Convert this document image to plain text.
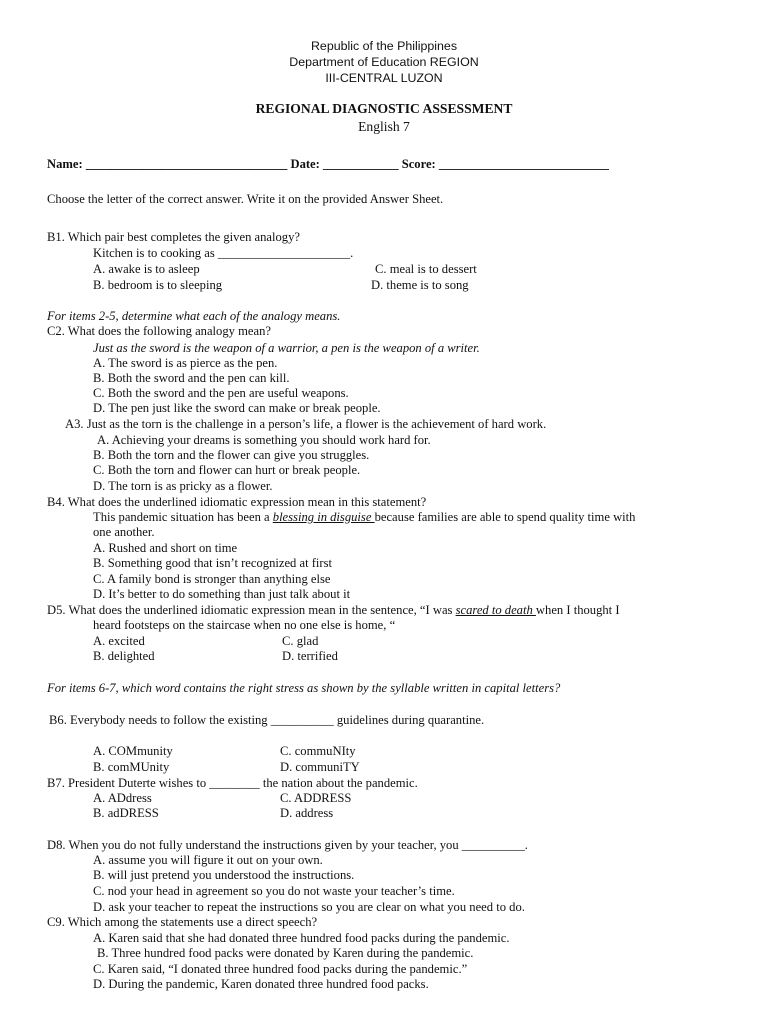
Republic of the Philippines
Department of Education REGION
III-CENTRAL LUZON
REGIONAL DIAGNOSTIC ASSESSMENT
English 7
Name: ________________________________ Date: ____________ Score: ___________________________
Choose the letter of the correct answer. Write it on the provided Answer Sheet.
B1. Which pair best completes the given analogy?
Kitchen is to cooking as _____________________.
A. awake is to asleep	C. meal is to dessert
B. bedroom is to sleeping	D. theme is to song
For items 2-5, determine what each of the analogy means.
C2. What does the following analogy mean?
Just as the sword is the weapon of a warrior, a pen is the weapon of a writer.
A. The sword is as pierce as the pen.
B. Both the sword and the pen can kill.
C. Both the sword and the pen are useful weapons.
D. The pen just like the sword can make or break people.
A3. Just as the torn is the challenge in a person’s life, a flower is the achievement of hard work.
A. Achieving your dreams is something you should work hard for.
B. Both the torn and the flower can give you struggles.
C. Both the torn and flower can hurt or break people.
D. The torn is as pricky as a flower.
B4. What does the underlined idiomatic expression mean in this statement?
This pandemic situation has been a blessing in disguise because families are able to spend quality time with
one another.
A. Rushed and short on time
B. Something good that isn’t recognized at first
C. A family bond is stronger than anything else
D. It’s better to do something than just talk about it
D5. What does the underlined idiomatic expression mean in the sentence, “I was scared to death when I thought I
heard footsteps on the staircase when no one else is home, “
A. excited	C. glad
B. delighted	D. terrified
For items 6-7, which word contains the right stress as shown by the syllable written in capital letters?
B6. Everybody needs to follow the existing __________ guidelines during quarantine.
A. COMmunity	C. commuNIty
B. comMUnity	D. communiTY
B7. President Duterte wishes to ________ the nation about the pandemic.
A. ADdress	C. ADDRESS
B. adDRESS	D. address
D8. When you do not fully understand the instructions given by your teacher, you __________.
A. assume you will figure it out on your own.
B. will just pretend you understood the instructions.
C. nod your head in agreement so you do not waste your teacher’s time.
D. ask your teacher to repeat the instructions so you are clear on what you need to do.
C9. Which among the statements use a direct speech?
A. Karen said that she had donated three hundred food packs during the pandemic.
B. Three hundred food packs were donated by Karen during the pandemic.
C. Karen said, “I donated three hundred food packs during the pandemic.”
D. During the pandemic, Karen donated three hundred food packs.
